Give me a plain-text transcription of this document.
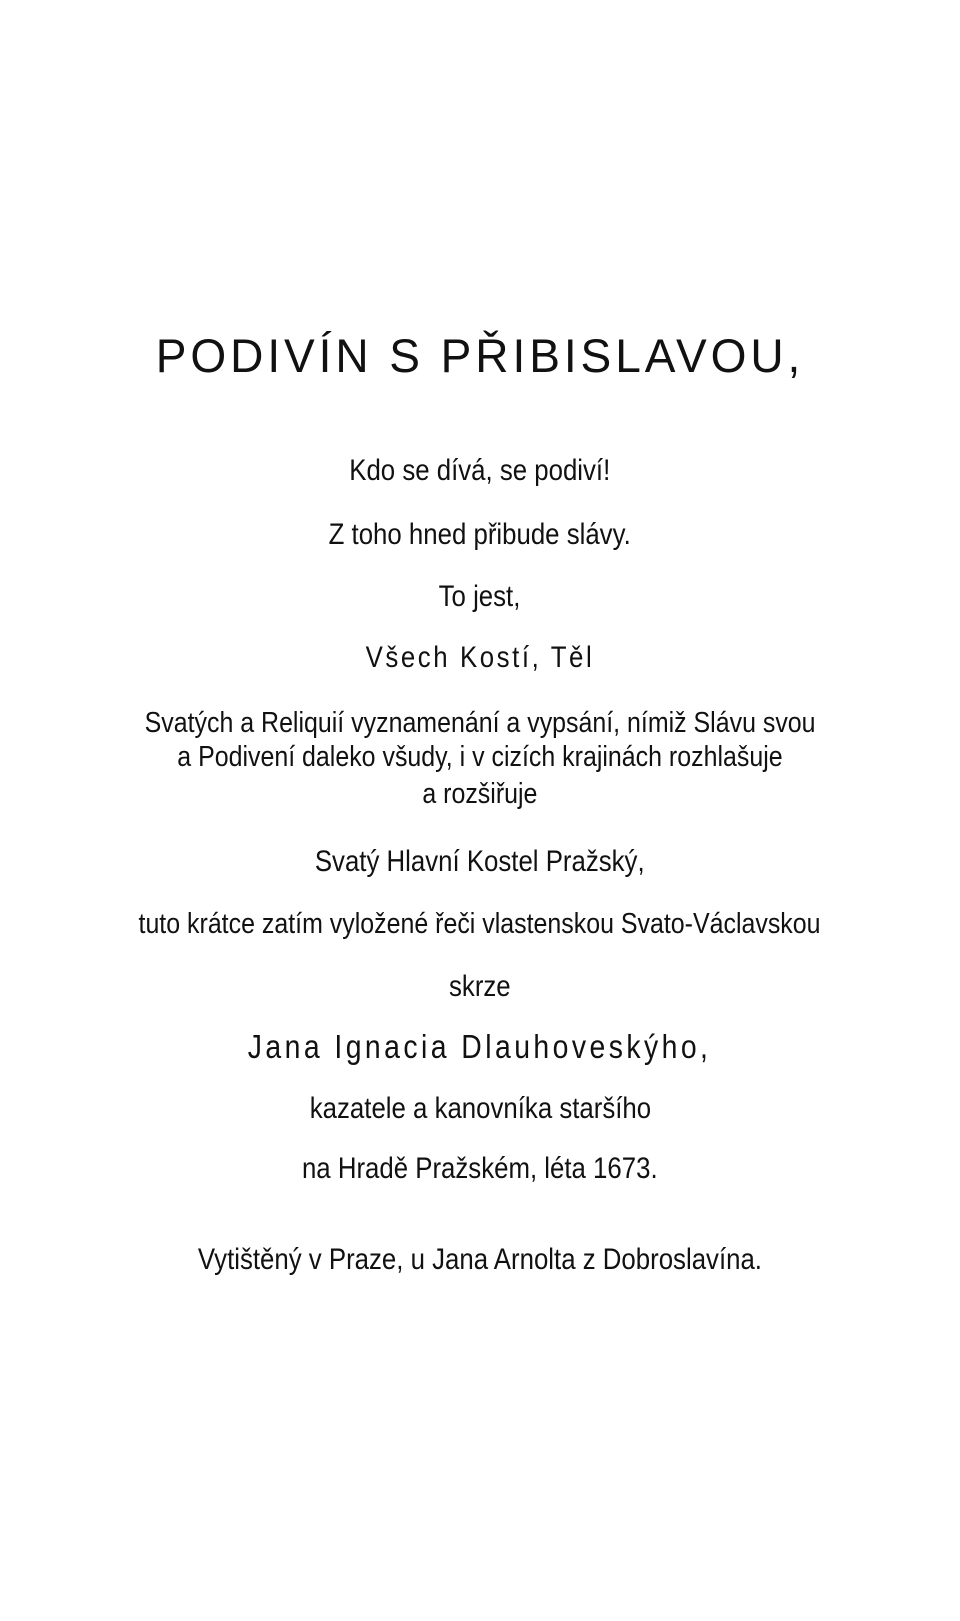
PODIVÍN S PŘIBISLAVOU,
Kdo se dívá, se podiví!
Z toho hned přibude slávy.
To jest,
Všech Kostí, Těl
Svatých a Reliquií vyznamenání a vypsání, nímiž Slávu svou
a Podivení daleko všudy, i v cizích krajinách rozhlašuje
a rozšiřuje
Svatý Hlavní Kostel Pražský,
tuto krátce zatím vyložené řeči vlastenskou Svato-Václavskou
skrze
Jana Ignacia Dlauhoveskýho,
kazatele a kanovníka staršího
na Hradě Pražském, léta 1673.
Vytištěný v Praze, u Jana Arnolta z Dobroslavína.
